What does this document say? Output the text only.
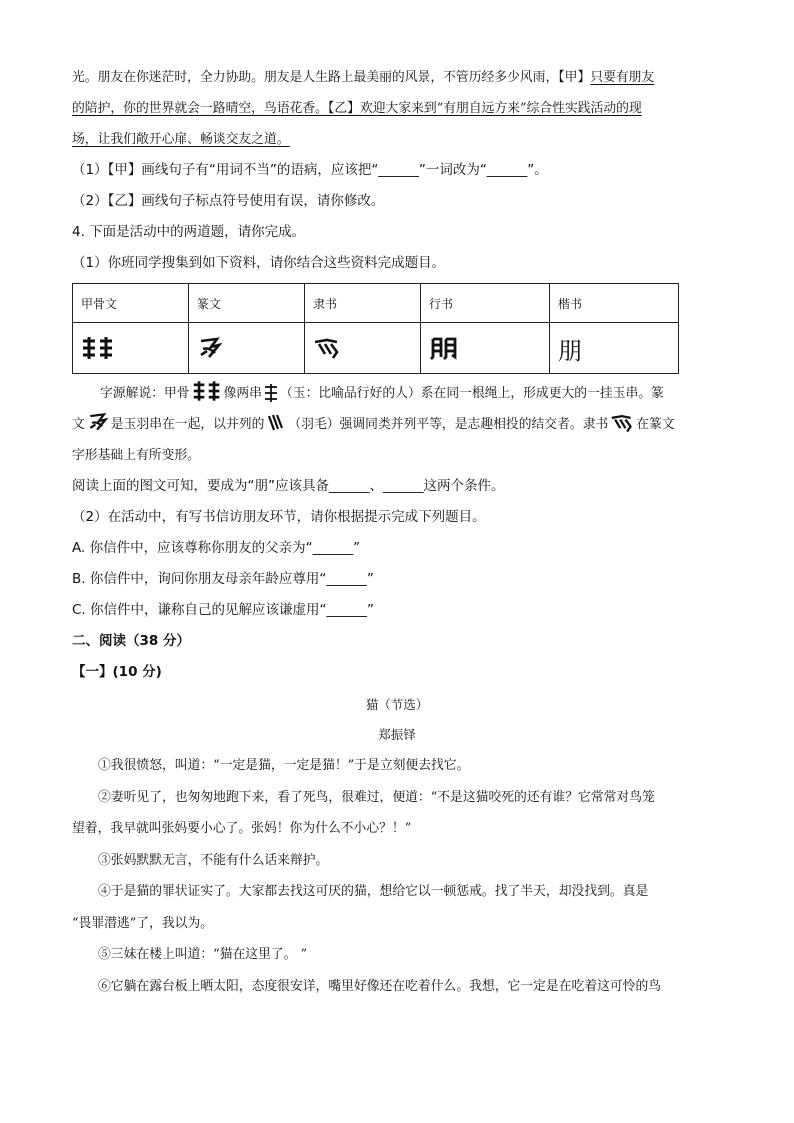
光。朋友在你迷茫时，全力协助。朋友是人生路上最美丽的风景，不管历经多少风雨，【甲】只要有朋友
的陪护，你的世界就会一路晴空，鸟语花香。【乙】欢迎大家来到“有朋自远方来”综合性实践活动的现
场，让我们敞开心扉、畅谈交友之道。
（1）【甲】画线句子有“用词不当”的语病，应该把“______”一词改为“______”。
（2）【乙】画线句子标点符号使用有误，请你修改。
4. 下面是活动中的两道题，请你完成。
（1）你班同学搜集到如下资料，请你结合这些资料完成题目。
甲骨文	篆文	隶书	行书	楷书
				朋
字源解说：甲骨	像两串 （玉：比喻品行好的人）系在同一根绳上，形成更大的一挂玉串。篆
文 是玉羽串在一起，以并列的 （羽毛）强调同类并列平等，是志趣相投的结交者。隶书 在篆文
字形基础上有所变形。
阅读上面的图文可知，要成为“朋”应该具备______、______这两个条件。
（2）在活动中，有写书信访朋友环节，请你根据提示完成下列题目。
A. 你信件中，应该尊称你朋友的父亲为“______”
B. 你信件中，询问你朋友母亲年龄应尊用“______”
C. 你信件中，谦称自己的见解应该谦虚用“______”
二、阅读（38 分）
【一】(10 分)
猫（节选）
郑振铎
①我很愤怒，叫道：“一定是猫，一定是猫！”于是立刻便去找它。
②妻听见了，也匆匆地跑下来，看了死鸟，很难过，便道：“不是这猫咬死的还有谁？它常常对鸟笼
望着，我早就叫张妈要小心了。张妈！你为什么不小心？！”
③张妈默默无言，不能有什么话来辩护。
④于是猫的罪状证实了。大家都去找这可厌的猫，想给它以一顿惩戒。找了半天，却没找到。真是
“畏罪潜逃”了，我以为。
⑤三妹在楼上叫道：“猫在这里了。 ”
⑥它躺在露台板上晒太阳，态度很安详，嘴里好像还在吃着什么。我想，它一定是在吃着这可怜的鸟
